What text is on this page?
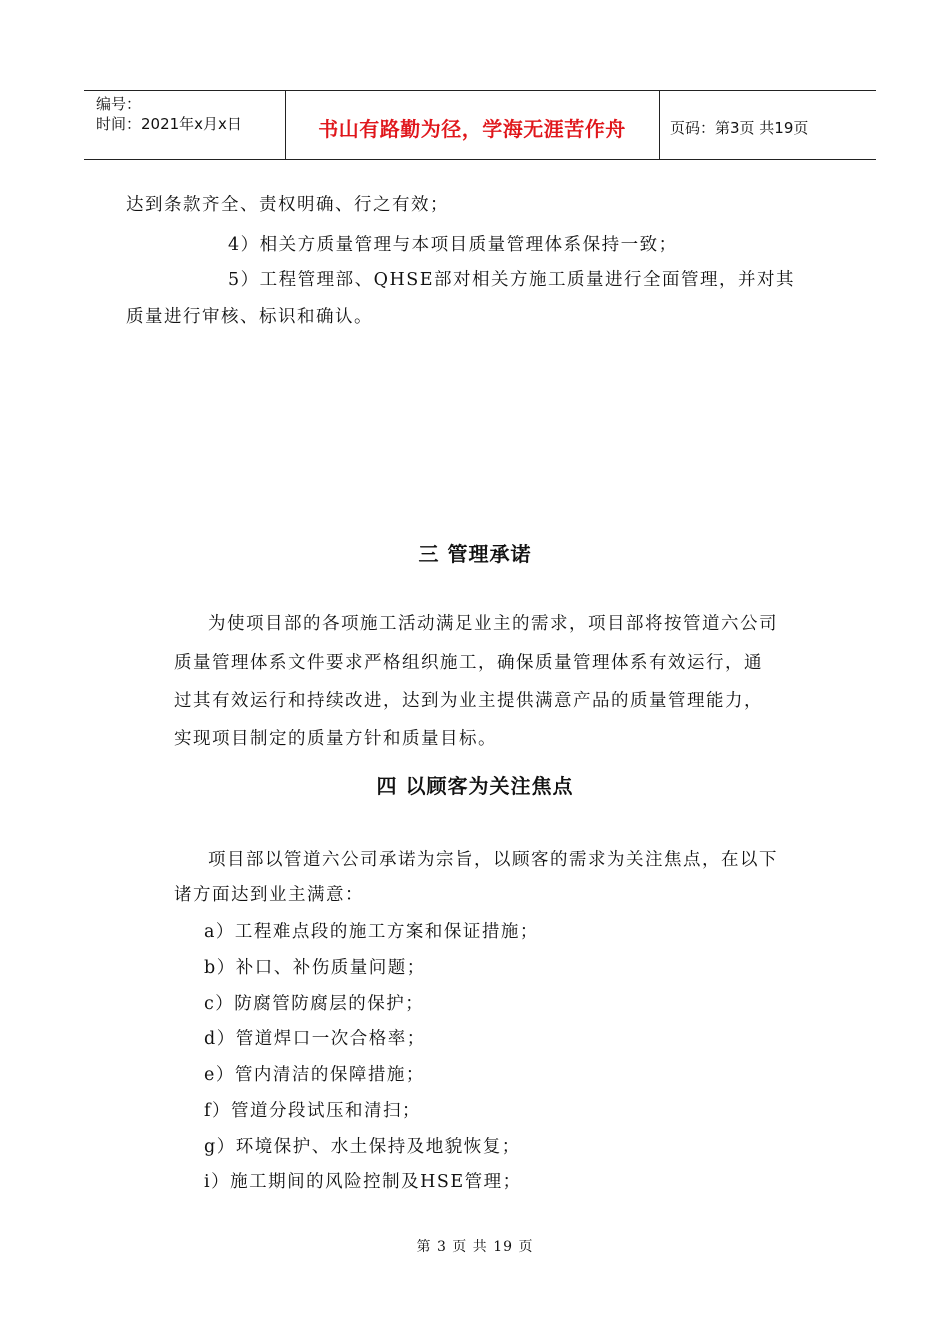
编号：
时间：2021年x月x日	书山有路勤为径，学海无涯苦作舟	页码：第3页 共19页
达到条款齐全、责权明确、行之有效；
4）相关方质量管理与本项目质量管理体系保持一致；
5）工程管理部、QHSE部对相关方施工质量进行全面管理，并对其
质量进行审核、标识和确认。
三 管理承诺
为使项目部的各项施工活动满足业主的需求，项目部将按管道六公司
质量管理体系文件要求严格组织施工，确保质量管理体系有效运行，通
过其有效运行和持续改进，达到为业主提供满意产品的质量管理能力，
实现项目制定的质量方针和质量目标。
四 以顾客为关注焦点
项目部以管道六公司承诺为宗旨，以顾客的需求为关注焦点，在以下
诸方面达到业主满意：
a）工程难点段的施工方案和保证措施；
b）补口、补伤质量问题；
c）防腐管防腐层的保护；
d）管道焊口一次合格率；
e）管内清洁的保障措施；
f）管道分段试压和清扫；
g）环境保护、水土保持及地貌恢复；
i）施工期间的风险控制及HSE管理；
第 3 页 共 19 页
